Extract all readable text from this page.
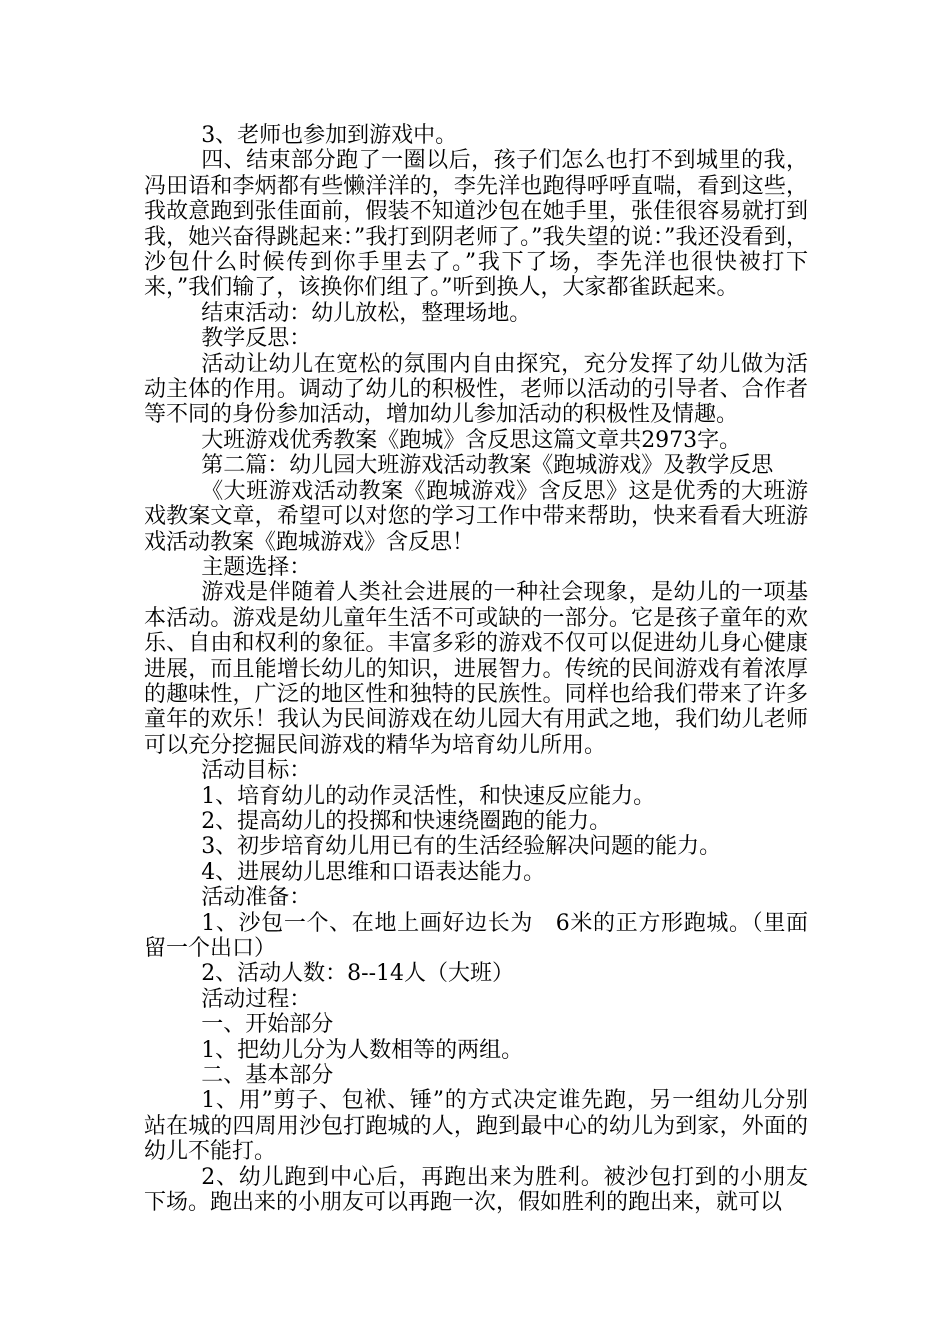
3、老师也参加到游戏中。

四、结束部分跑了一圈以后，孩子们怎么也打不到城里的我，冯田语和李炳都有些懒洋洋的，李先洋也跑得呼呼直喘，看到这些，我故意跑到张佳面前，假装不知道沙包在她手里，张佳很容易就打到我，她兴奋得跳起来：”我打到阴老师了。”我失望的说：”我还没看到，沙包什么时候传到你手里去了。”我下了场，李先洋也很快被打下来，”我们输了，该换你们组了。”听到换人，大家都雀跃起来。

结束活动：幼儿放松，整理场地。

教学反思：

活动让幼儿在宽松的氛围内自由探究，充分发挥了幼儿做为活动主体的作用。调动了幼儿的积极性，老师以活动的引导者、合作者等不同的身份参加活动，增加幼儿参加活动的积极性及情趣。

大班游戏优秀教案《跑城》含反思这篇文章共2973字。

第二篇：幼儿园大班游戏活动教案《跑城游戏》及教学反思

《大班游戏活动教案《跑城游戏》含反思》这是优秀的大班游戏教案文章，希望可以对您的学习工作中带来帮助，快来看看大班游戏活动教案《跑城游戏》含反思！

主题选择：

游戏是伴随着人类社会进展的一种社会现象，是幼儿的一项基本活动。游戏是幼儿童年生活不可或缺的一部分。它是孩子童年的欢乐、自由和权利的象征。丰富多彩的游戏不仅可以促进幼儿身心健康进展，而且能增长幼儿的知识，进展智力。传统的民间游戏有着浓厚的趣味性，广泛的地区性和独特的民族性。同样也给我们带来了许多童年的欢乐！我认为民间游戏在幼儿园大有用武之地，我们幼儿老师可以充分挖掘民间游戏的精华为培育幼儿所用。

活动目标：

1、培育幼儿的动作灵活性，和快速反应能力。

2、提高幼儿的投掷和快速绕圈跑的能力。

3、初步培育幼儿用已有的生活经验解决问题的能力。

4、进展幼儿思维和口语表达能力。

活动准备：

1、沙包一个、在地上画好边长为　6米的正方形跑城。（里面留一个出口）

2、活动人数：8--14人（大班）

活动过程：

一、开始部分

1、把幼儿分为人数相等的两组。

二、基本部分

1、用”剪子、包袱、锤”的方式决定谁先跑，另一组幼儿分别站在城的四周用沙包打跑城的人，跑到最中心的幼儿为到家，外面的幼儿不能打。

2、幼儿跑到中心后，再跑出来为胜利。被沙包打到的小朋友下场。跑出来的小朋友可以再跑一次，假如胜利的跑出来，就可以
